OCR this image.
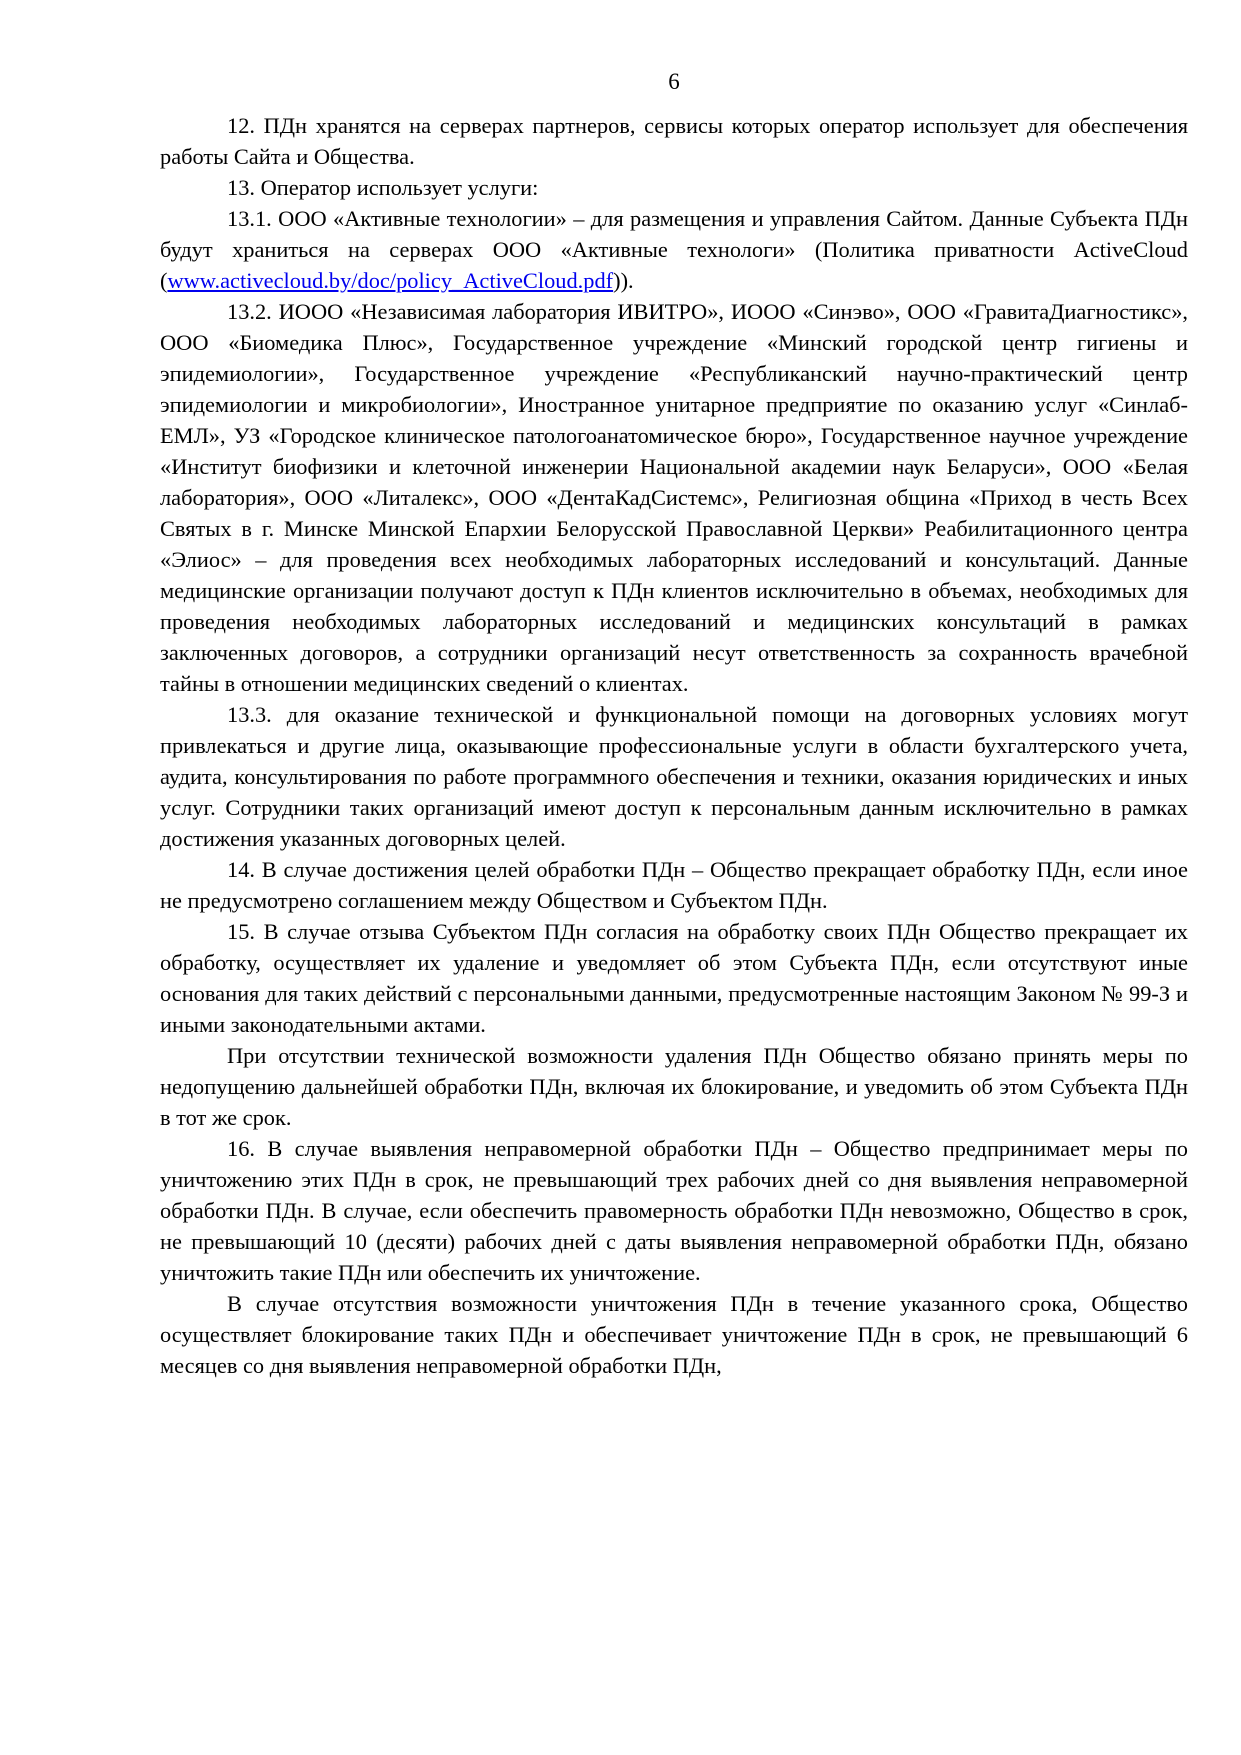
6

12. ПДн хранятся на серверах партнеров, сервисы которых оператор использует для обеспечения работы Сайта и Общества.

13. Оператор использует услуги:

13.1. ООО «Активные технологии» – для размещения и управления Сайтом. Данные Субъекта ПДн будут храниться на серверах ООО «Активные технологи» (Политика приватности ActiveCloud (www.activecloud.by/doc/policy_ActiveCloud.pdf)).

13.2. ИООО «Независимая лаборатория ИВИТРО», ИООО «Синэво», ООО «ГравитаДиагностикс», ООО «Биомедика Плюс», Государственное учреждение «Минский городской центр гигиены и эпидемиологии», Государственное учреждение «Республиканский научно-практический центр эпидемиологии и микробиологии», Иностранное унитарное предприятие по оказанию услуг «Синлаб-ЕМЛ», УЗ «Городское клиническое патологоанатомическое бюро», Государственное научное учреждение «Институт биофизики и клеточной инженерии Национальной академии наук Беларуси», ООО «Белая лаборатория», ООО «Литалекс», ООО «ДентаКадСистемс», Религиозная община «Приход в честь Всех Святых в г. Минске Минской Епархии Белорусской Православной Церкви» Реабилитационного центра «Элиос» – для проведения всех необходимых лабораторных исследований и консультаций. Данные медицинские организации получают доступ к ПДн клиентов исключительно в объемах, необходимых для проведения необходимых лабораторных исследований и медицинских консультаций в рамках заключенных договоров, а сотрудники организаций несут ответственность за сохранность врачебной тайны в отношении медицинских сведений о клиентах.

13.3. для оказание технической и функциональной помощи на договорных условиях могут привлекаться и другие лица, оказывающие профессиональные услуги в области бухгалтерского учета, аудита, консультирования по работе программного обеспечения и техники, оказания юридических и иных услуг. Сотрудники таких организаций имеют доступ к персональным данным исключительно в рамках достижения указанных договорных целей.

14. В случае достижения целей обработки ПДн – Общество прекращает обработку ПДн, если иное не предусмотрено соглашением между Обществом и Субъектом ПДн.

15. В случае отзыва Субъектом ПДн согласия на обработку своих ПДн Общество прекращает их обработку, осуществляет их удаление и уведомляет об этом Субъекта ПДн, если отсутствуют иные основания для таких действий с персональными данными, предусмотренные настоящим Законом № 99-З и иными законодательными актами.

При отсутствии технической возможности удаления ПДн Общество обязано принять меры по недопущению дальнейшей обработки ПДн, включая их блокирование, и уведомить об этом Субъекта ПДн в тот же срок.

16. В случае выявления неправомерной обработки ПДн – Общество предпринимает меры по уничтожению этих ПДн в срок, не превышающий трех рабочих дней со дня выявления неправомерной обработки ПДн. В случае, если обеспечить правомерность обработки ПДн невозможно, Общество в срок, не превышающий 10 (десяти) рабочих дней с даты выявления неправомерной обработки ПДн, обязано уничтожить такие ПДн или обеспечить их уничтожение.

В случае отсутствия возможности уничтожения ПДн в течение указанного срока, Общество осуществляет блокирование таких ПДн и обеспечивает уничтожение ПДн в срок, не превышающий 6 месяцев со дня выявления неправомерной обработки ПДн,
